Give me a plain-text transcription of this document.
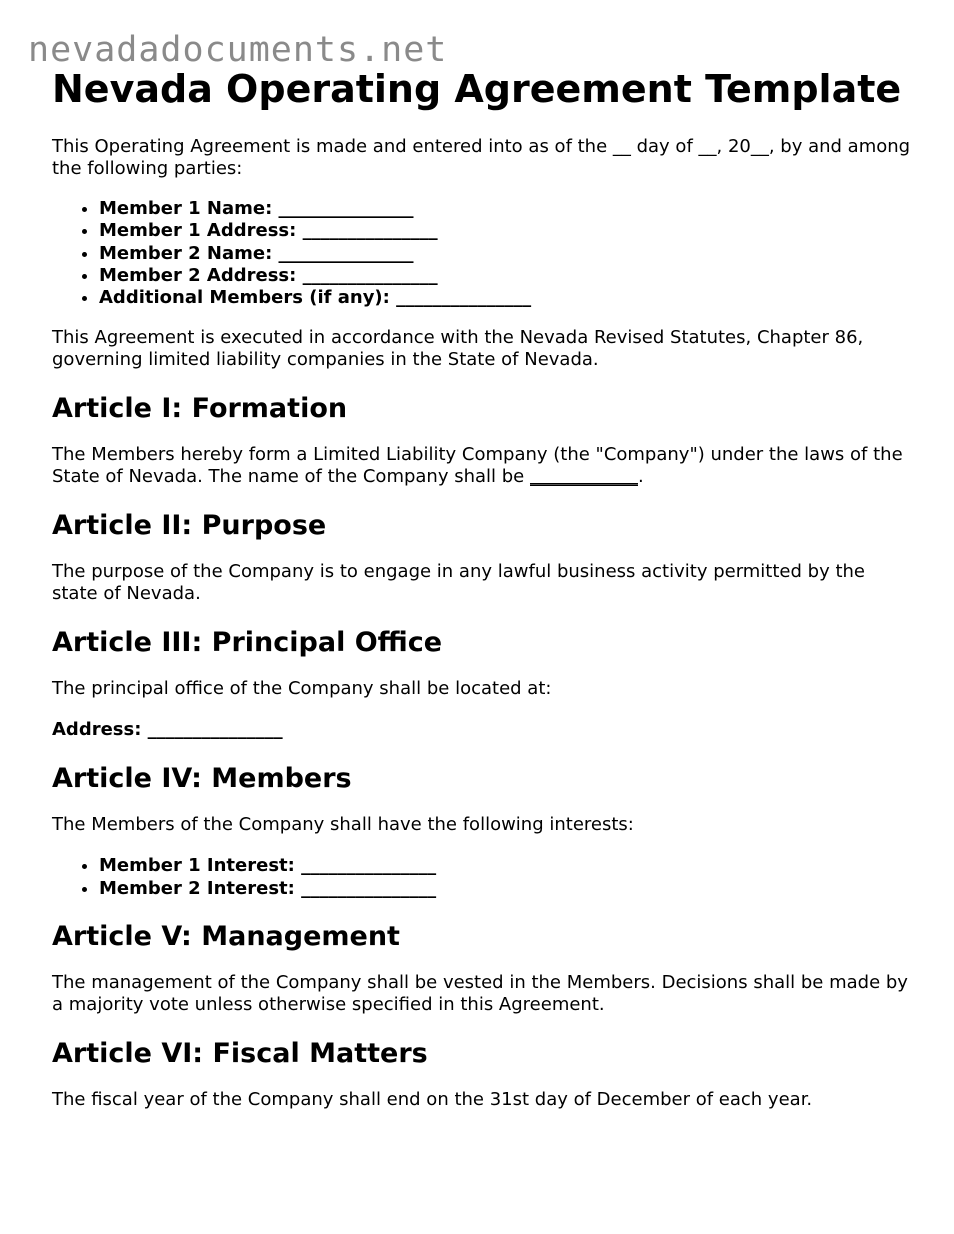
nevadadocuments.net
Nevada Operating Agreement Template

This Operating Agreement is made and entered into as of the __ day of __, 20__, by and among the following parties:

• Member 1 Name: _______________
• Member 1 Address: _______________
• Member 2 Name: _______________
• Member 2 Address: _______________
• Additional Members (if any): _______________

This Agreement is executed in accordance with the Nevada Revised Statutes, Chapter 86, governing limited liability companies in the State of Nevada.

Article I: Formation

The Members hereby form a Limited Liability Company (the "Company") under the laws of the State of Nevada. The name of the Company shall be ____________.

Article II: Purpose

The purpose of the Company is to engage in any lawful business activity permitted by the state of Nevada.

Article III: Principal Office

The principal office of the Company shall be located at:

Address: _______________

Article IV: Members

The Members of the Company shall have the following interests:

• Member 1 Interest: _______________
• Member 2 Interest: _______________
Article V: Management

The management of the Company shall be vested in the Members. Decisions shall be made by a majority vote unless otherwise specified in this Agreement.

Article VI: Fiscal Matters

The fiscal year of the Company shall end on the 31st day of December of each year.
